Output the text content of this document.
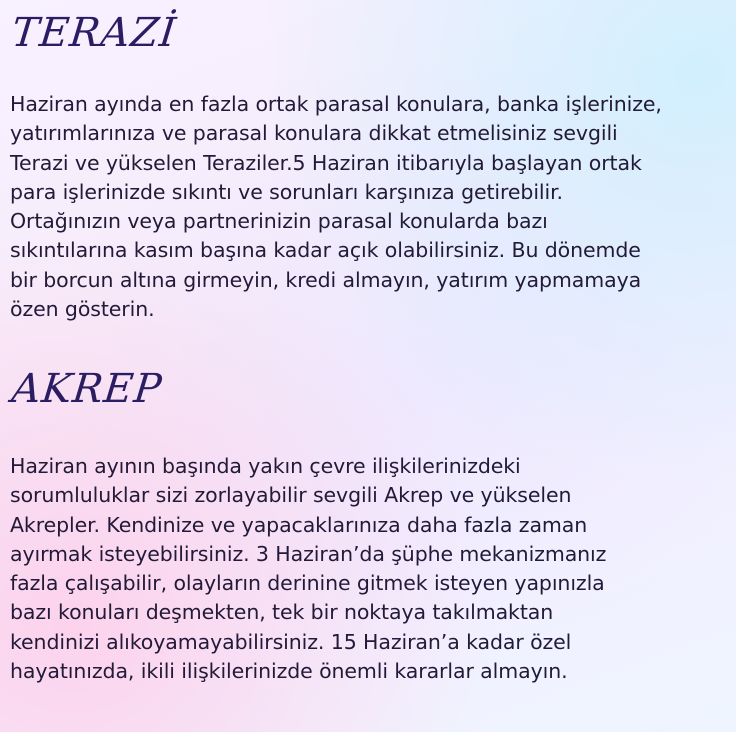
TERAZİ

Haziran ayında en fazla ortak parasal konulara, banka işlerinize,
yatırımlarınıza ve parasal konulara dikkat etmelisiniz sevgili
Terazi ve yükselen Teraziler.5 Haziran itibarıyla başlayan ortak
para işlerinizde sıkıntı ve sorunları karşınıza getirebilir.
Ortağınızın veya partnerinizin parasal konularda bazı
sıkıntılarına kasım başına kadar açık olabilirsiniz. Bu dönemde
bir borcun altına girmeyin, kredi almayın, yatırım yapmamaya
özen gösterin.

AKREP

Haziran ayının başında yakın çevre ilişkilerinizdeki
sorumluluklar sizi zorlayabilir sevgili Akrep ve yükselen
Akrepler. Kendinize ve yapacaklarınıza daha fazla zaman
ayırmak isteyebilirsiniz. 3 Haziran’da şüphe mekanizmanız
fazla çalışabilir, olayların derinine gitmek isteyen yapınızla
bazı konuları deşmekten, tek bir noktaya takılmaktan
kendinizi alıkoyamayabilirsiniz. 15 Haziran’a kadar özel
hayatınızda, ikili ilişkilerinizde önemli kararlar almayın.
